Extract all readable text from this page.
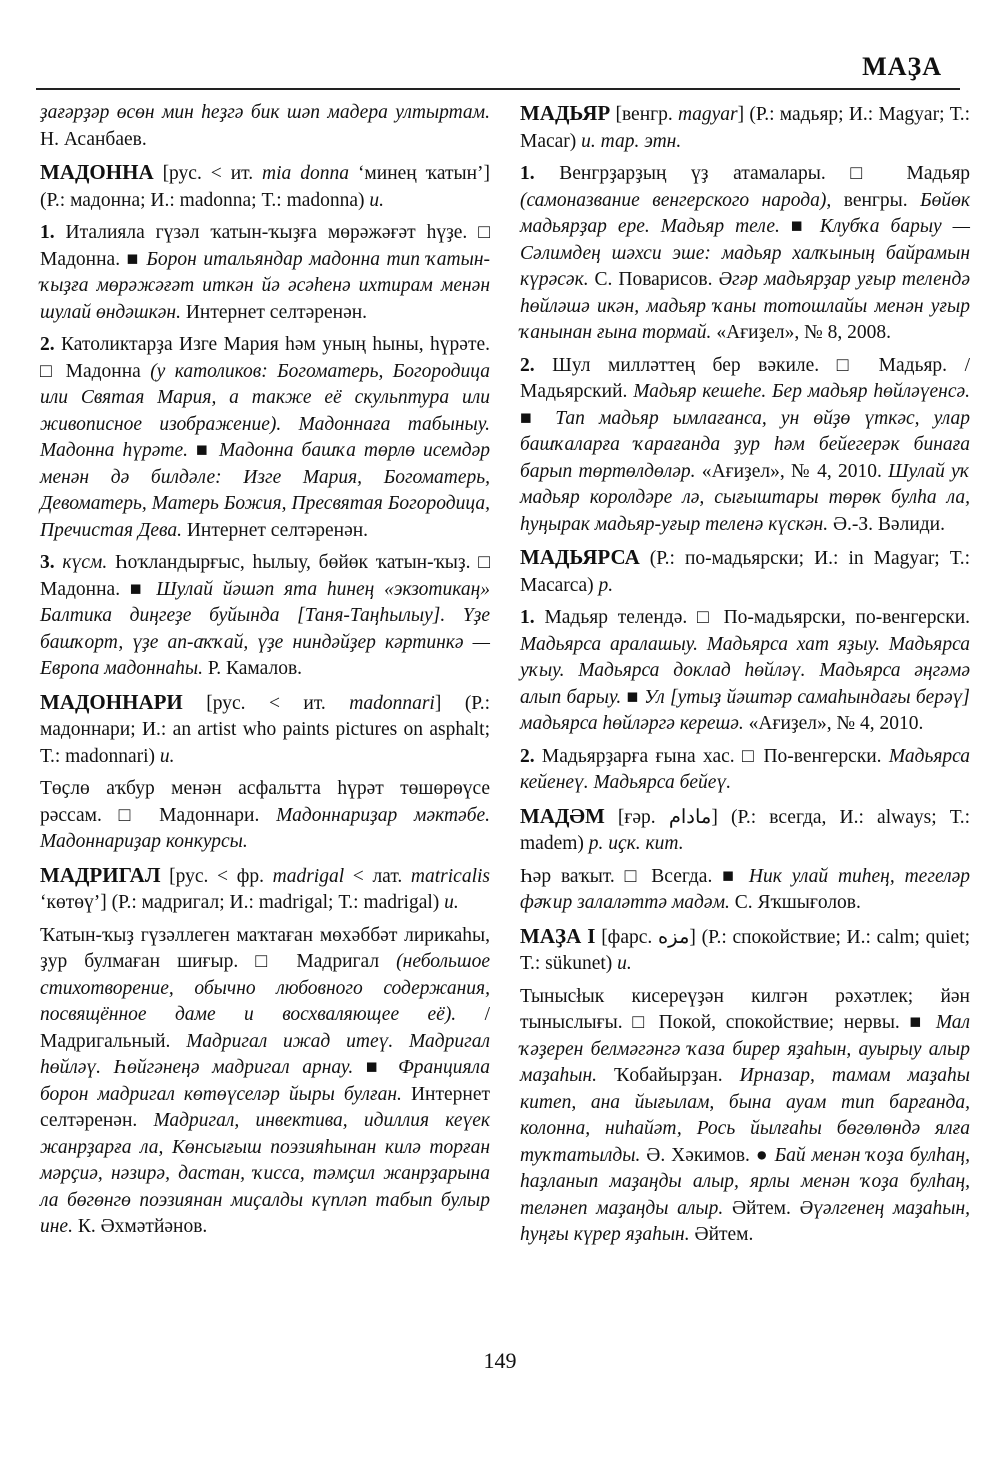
МАҘА

ҙағәрҙәр өсөн мин һеҙгә бик шәп мадера ултыртам. Н. Асанбаев.

МАДОННА [рус. < ит. mia donna ‘минең ҡатын’] (Р.: мадонна; И.: madonna; Т.: madonna) и.

1. Италияла гүзәл ҡатын-ҡыҙға мөрәжәғәт һүҙе. □ Мадонна. ■ Борон итальяндар мадонна тип ҡатын-ҡыҙға мөрәжәғәт иткән йә әсәһенә ихтирам менән шулай өндәшкән. Интернет селтәренән.

2. Католиктарҙа Изге Мария һәм уның һыны, һүрәте. □ Мадонна (у католиков: Богоматерь, Богородица или Святая Мария, а также её скульптура или живописное изображение). Мадоннаға табыныу. Мадонна һүрәте. ■ Мадонна башҡа төрлө исемдәр менән дә билдәле: Изге Мария, Богоматерь, Девоматерь, Матерь Божия, Пресвятая Богородица, Пречистая Дева. Интернет селтәренән.

3. күсм. Һоҡландырғыс, һылыу, бөйөк ҡатын-ҡыҙ. □ Мадонна. ■ Шулай йәшәп ята һинең «экзотикаң» Балтика диңгеҙе буйында [Таня-Таңһылыу]. Үҙе башҡорт, үҙе ап-аҡҡай, үҙе ниндәйҙер кәртинкә — Европа мадоннаһы. Р. Камалов.

МАДОННАРИ [рус. < ит. madonnari] (Р.: мадоннари; И.: an artist who paints pictures on asphalt; Т.: madonnari) и.

Төҫлө аҡбур менән асфальтта һүрәт төшөрөүсе рәссам. □	Мадоннари. Мадоннариҙар мәктәбе. Мадоннариҙар конкурсы.

МАДРИГАЛ [рус. < фр. madrigal < лат. matricalis ‘көтөү’] (Р.: мадригал; И.: madrigal; Т.: madrigal) и.

Ҡатын-ҡыҙ гүзәллеген маҡтаған мөхәббәт лирикаһы, ҙур булмаған шиғыр. □	Мадригал (небольшое стихотворение, обычно любовного содержания, посвящённое даме и восхваляющее её). / Мадригальный. Мадригал ижад итеү. Мадригал һөйләү. Һөйгәнеңә мадригал арнау. ■ Францияла борон мадригал көтөүселәр йыры булған. Интернет селтәренән. Мадригал, инвектива, идиллия кеүек жанрҙарға ла, Көнсығыш поэзияһынан килә торған мәрҫиә, нәзирә, дастан, ҡисса, тәмҫил жанрҙарына ла бөгөнгө поэзиянан миҫалды күпләп табып булыр ине. К. Әхмәтйәнов.

МАДЬЯР [венгр. magyar] (Р.: мадьяр; И.: Magyar; Т.: Macar) и. тар. этн.

1. Венгрҙарҙың үҙ атамалары. □	Мадьяр (самоназвание венгерского народа), венгры. Бөйөк мадьярҙар ере. Мадьяр теле. ■ Клубҡа барыу — Сәлимдең шәхси эше: мадьяр халҡының байрамын күрәсәк. С. Поварисов. Әгәр мадьярҙар уғыр телендә һөйләшә икән, мадьяр ҡаны тотошлайы менән уғыр ҡанынан ғына тормай. «Ағиҙел», № 8, 2008.

2. Шул милләттең бер вәкиле. □	Мадьяр. / Мадьярский. Мадьяр кешеһе. Бер мадьяр һөйләүенсә. ■ Тап мадьяр ымлағанса, ун өйҙө үткәс, улар башҡаларға ҡарағанда ҙур һәм бейегерәк бинаға барып төртөлдөләр. «Ағиҙел», № 4, 2010. Шулай уҡ мадьяр королдәре лә, сығыштары төрөк булһа ла, һуңырак мадьяр-уғыр теленә күскән. Ә.-З. Вәлиди.

МАДЬЯРСА (Р.: по-мадьярски; И.: in Magyar; Т.: Macarca) р.

1. Мадьяр телендә. □ По-мадьярски, по-венгерски. Мадьярса аралашыу. Мадьярса хат яҙыу. Мадьярса уҡыу. Мадьярса доклад һөйләү. Мадьярса әңгәмә алып барыу. ■ Ул [утыҙ йәштәр самаһындағы берәү] мадьярса һөйләргә керешә. «Ағиҙел», № 4, 2010.

2. Мадьярҙарға ғына хас. □ По-венгерски. Мадьярса кейенеү. Мадьярса бейеү.

МАДӘМ [ғәр. مادام] (Р.: всегда, И.: always; Т.: madem) р. иҫк. кит.

Һәр ваҡыт. □ Всегда. ■ Ник улай тиһең, тегеләр фәҡир залаләттә мадәм. С. Яҡшығолов.

МАҘА I [фарс. مزه] (Р.: спокойствие; И.: calm; quiet; Т.: sükunet) и.

Тынысłык кисереүҙән килгән рәхәтлек; йән тыныслығы. □ Покой, спокойствие; нервы. ■ Мал ҡәҙерен белмәгәнгә ҡаза бирер яҙаһын, ауырыу алыр маҙаһын. Ҡобайырҙан. Ирназар, тамам маҙаһы китеп, ана йығылам, бына ауам тип барғанда, колонна, ниһайәт, Рось йылғаһы бөгөлөндә ялға туҡтатылды. Ә. Хәкимов. ● Бай менән ҡоҙа булһаң, һаҙланып маҙаңды алыр, ярлы менән ҡоҙа булһаң, теләнеп маҙаңды алыр. Әйтем. Әүәлгенең маҙаһын, һуңғы күрер яҙаһын. Әйтем.

149
